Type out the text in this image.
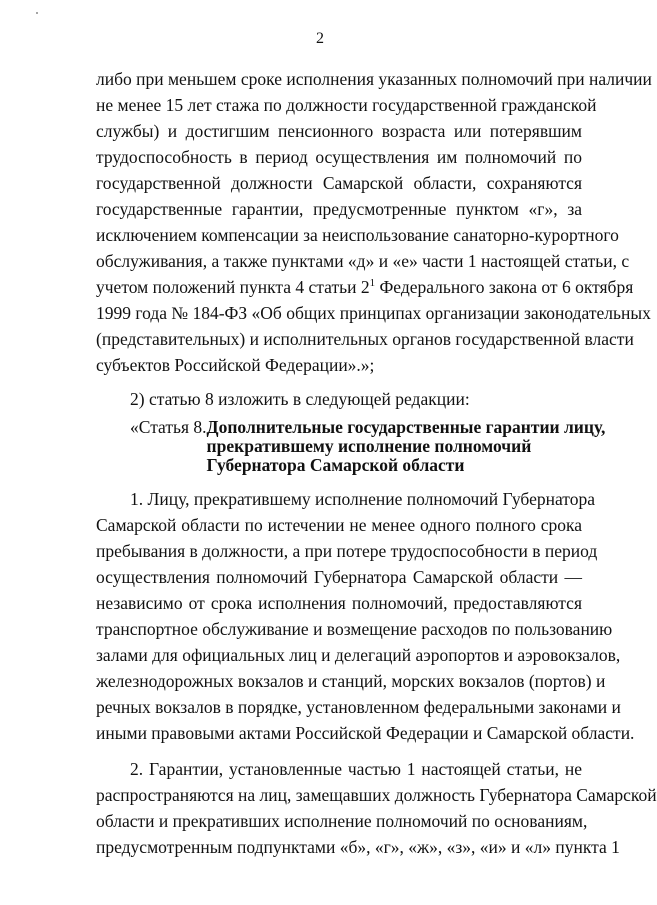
2
либо при меньшем сроке исполнения указанных полномочий при наличии
не менее 15 лет стажа по должности государственной гражданской
службы) и достигшим пенсионного возраста или потерявшим
трудоспособность в период осуществления им полномочий по
государственной должности Самарской области, сохраняются
государственные гарантии, предусмотренные пунктом «г», за
исключением компенсации за неиспользование санаторно-курортного
обслуживания, а также пунктами «д» и «е» части 1 настоящей статьи, с
учетом положений пункта 4 статьи $2^1$ Федерального закона от 6 октября
1999 года № 184-ФЗ «Об общих принципах организации законодательных
(представительных) и исполнительных органов государственной власти
субъектов Российской Федерации».»;
2) статью 8 изложить в следующей редакции:
«Статья 8. Дополнительные государственные гарантии лицу,
прекратившему исполнение полномочий
Губернатора Самарской области
1. Лицу, прекратившему исполнение полномочий Губернатора
Самарской области по истечении не менее одного полного срока
пребывания в должности, а при потере трудоспособности в период
осуществления полномочий Губернатора Самарской области —
независимо от срока исполнения полномочий, предоставляются
транспортное обслуживание и возмещение расходов по пользованию
залами для официальных лиц и делегаций аэропортов и аэровокзалов,
железнодорожных вокзалов и станций, морских вокзалов (портов) и
речных вокзалов в порядке, установленном федеральными законами и
иными правовыми актами Российской Федерации и Самарской области.
2. Гарантии, установленные частью 1 настоящей статьи, не
распространяются на лиц, замещавших должность Губернатора Самарской
области и прекративших исполнение полномочий по основаниям,
предусмотренным подпунктами «б», «г», «ж», «з», «и» и «л» пункта 1
